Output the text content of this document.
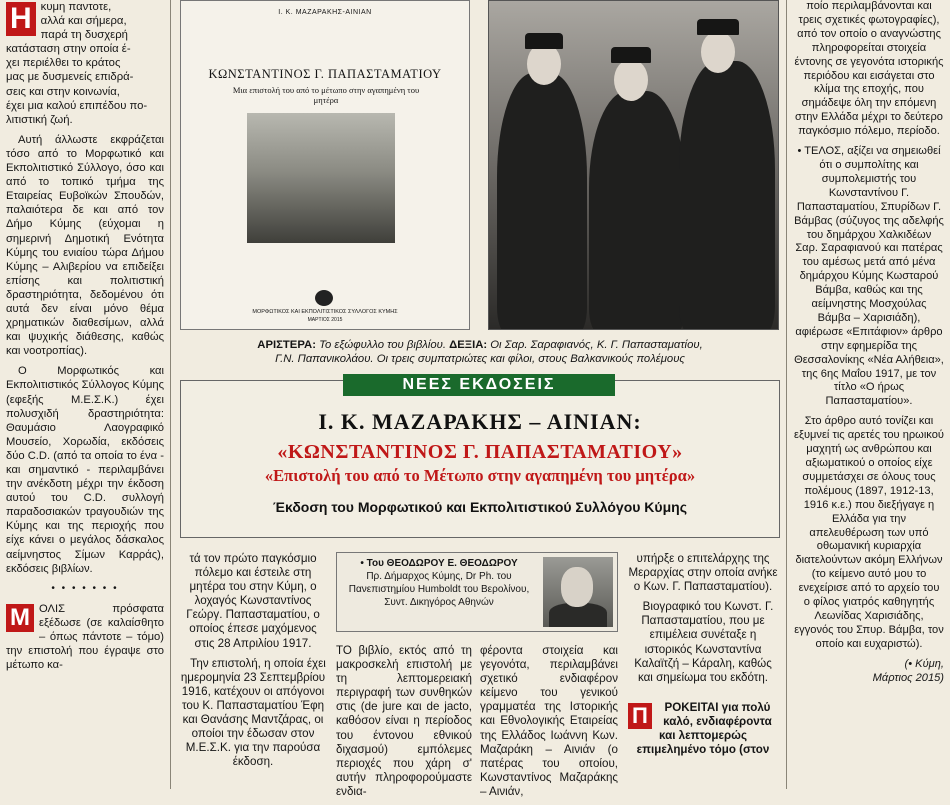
Η κυμη παντοτε,
αλλά και σήμερα,
παρά τη δυσχερή
κατάσταση στην οποία έ-
χει περιέλθει το κράτος
μας με δυσμενείς επιδρά-
σεις και στην κοινωνία,
έχει μια καλού επιπέδου πο-
λιτιστική ζωή.

Αυτή άλλωστε εκφράζεται τόσο από το Μορφωτικό και Εκπολιτιστικό Σύλλογο, όσο και από το τοπικό τμήμα της Εταιρείας Ευβοϊκών Σπουδών, παλαιότερα δε και από τον Δήμο Κύμης (εύχομαι η σημερινή Δημοτική Ενότητα Κύμης του ενιαίου τώρα Δήμου Κύμης – Αλιβερίου να επιδείξει επίσης και πολιτιστική δραστηριότητα, δεδομένου ότι αυτά δεν είναι μόνο θέμα χρηματικών διαθεσίμων, αλλά και ψυχικής διάθεσης, καθώς και νοοτροπίας).

Ο Μορφωτικός και Εκπολιτιστικός Σύλλογος Κύμης (εφεξής Μ.Ε.Σ.Κ.) έχει πολυσχιδή δραστηριότητα: Θαυμάσιο Λαογραφικό Μουσείο, Χορωδία, εκδόσεις δύο C.D. (από τα οποία το ένα - και σημαντικό - περιλαμβάνει την ανέκδοτη μέχρι την έκδοση αυτού του C.D. συλλογή παραδοσιακών τραγουδιών της Κύμης και της περιοχής που είχε κάνει ο μεγάλος δάσκαλος αείμνηστος Σίμων Καρράς), εκδόσεις βιβλίων.

• • • • • • •
Μ ΟΛΙΣ πρόσφατα εξέδωσε (σε καλαίσθητο – όπως πάντοτε – τόμο) την επιστολή που έγραψε στο μέτωπο κα-

Ι. Κ. ΜΑΖΑΡΑΚΗΣ-ΑΙΝΙΑΝ
ΚΩΝΣΤΑΝΤΙΝΟΣ Γ. ΠΑΠΑΣΤΑΜΑΤΙΟΥ
Μια επιστολή του από το μέτωπο στην αγαπημένη του μητέρα
ΜΟΡΦΩΤΙΚΟΣ ΚΑΙ ΕΚΠΟΛΙΤΙΣΤΙΚΟΣ ΣΥΛΛΟΓΟΣ ΚΥΜΗΣ
ΜΑΡΤΙΟΣ 2015
ΑΡΙΣΤΕΡΑ: Το εξώφυλλο του βιβλίου. ΔΕΞΙΑ: Οι Σαρ. Σαραφιανός, Κ. Γ. Παπασταματίου,
Γ.Ν. Παπανικολάου. Οι τρεις συμπατριώτες και φίλοι, στους Βαλκανικούς πολέμους
ΝΕΕΣ ΕΚΔΟΣΕΙΣ
Ι. Κ. ΜΑΖΑΡΑΚΗΣ – ΑΙΝΙΑΝ:
«ΚΩΝΣΤΑΝΤΙΝΟΣ Γ. ΠΑΠΑΣΤΑΜΑΤΙΟΥ»
«Επιστολή του από το Μέτωπο στην αγαπημένη του μητέρα»
Έκδοση του Μορφωτικού και Εκπολιτιστικού Συλλόγου Κύμης

τά τον πρώτο παγκόσμιο πόλεμο και έστειλε στη μητέρα του στην Κύμη, ο λοχαγός Κωνσταντίνος Γεώργ. Παπασταματίου, ο οποίος έπεσε μαχόμενος στις 28 Απριλίου 1917.

Την επιστολή, η οποία έχει ημερομηνία 23 Σεπτεμβρίου 1916, κατέχουν οι απόγονοι του Κ. Παπασταματίου Έφη και Θανάσης Μαντζάρας, οι οποίοι την έδωσαν στον Μ.Ε.Σ.Κ. για την παρούσα έκδοση.

• Του ΘΕΟΔΩΡΟΥ Ε. ΘΕΟΔΩΡΟΥ
Πρ. Δήμαρχος Κύμης, Dr Ph. του Πανεπιστημίου Humboldt του Βερολίνου, Συντ. Δικηγόρος Αθηνών

ΤΟ βιβλίο, εκτός από τη μακροσκελή επιστολή με τη λεπτομερειακή περιγραφή των συνθηκών στις (de jure και de jacto, καθόσον είναι η περίοδος του έντονου εθνικού διχασμού) εμπόλεμες περιοχές που χάρη σ' αυτήν πληροφορούμαστε ενδια-

φέροντα στοιχεία και γεγονότα, περιλαμβάνει σχετικό ενδιαφέρον κείμενο του γενικού γραμματέα της Ιστορικής και Εθνολογικής Εταιρείας της Ελλάδος Ιωάννη Κων. Μαζαράκη – Αινιάν (ο πατέρας του οποίου, Κωνσταντίνος Μαζαράκης – Αινιάν,

υπήρξε ο επιτελάρχης της Μεραρχίας στην οποία ανήκε ο Κων. Γ. Παπασταματίου).

Βιογραφικό του Κωνστ. Γ. Παπασταματίου, που με επιμέλεια συνέταξε η ιστορικός Κωνσταντίνα Καλαϊτζή – Κάραλη, καθώς και σημείωμα του εκδότη.

Π	ΡΟΚΕΙΤΑΙ για πολύ καλό, ενδιαφέροντα και λεπτομερώς επιμελημένο τόμο (στον

ποίο περιλαμβάνονται και τρεις σχετικές φωτογραφίες), από τον οποίο ο αναγνώστης πληροφορείται στοιχεία έντονης σε γεγονότα ιστορικής περιόδου και εισάγεται στο κλίμα της εποχής, που σημάδεψε όλη την επόμενη στην Ελλάδα μέχρι το δεύτερο παγκόσμιο πόλεμο, περίοδο.

• ΤΕΛΟΣ, αξίζει να σημειωθεί ότι ο συμπολίτης και συμπολεμιστής του Κωνσταντίνου Γ. Παπασταματίου, Σπυρίδων Γ. Βάμβας (σύζυγος της αδελφής του δημάρχου Χαλκιδέων Σαρ. Σαραφιανού και πατέρας του αμέσως μετά από μένα δημάρχου Κύμης Κωσταρού Βάμβα, καθώς και της αείμνηστης Μοσχούλας Βάμβα – Χαρισιάδη), αφιέρωσε «Επιτάφιον» άρθρο στην εφημερίδα της Θεσσαλονίκης «Νέα Αλήθεια», της 6ης Μαΐου 1917, με τον τίτλο «Ο ήρως Παπασταματίου».

Στο άρθρο αυτό τονίζει και εξυμνεί τις αρετές του ηρωικού μαχητή ως ανθρώπου και αξιωματικού ο οποίος είχε συμμετάσχει σε όλους τους πολέμους (1897, 1912-13, 1916 κ.ε.) που διεξήγαγε η Ελλάδα για την απελευθέρωση των υπό οθωμανική κυριαρχία διατελούντων ακόμη Ελλήνων (το κείμενο αυτό μου το ενεχείρισε από το αρχείο του ο φίλος γιατρός καθηγητής Λεωνίδας Χαρισιάδης, εγγονός του Σπυρ. Βάμβα, τον οποίο και ευχαριστώ).

(• Κύμη,
Μάρτιος 2015)
